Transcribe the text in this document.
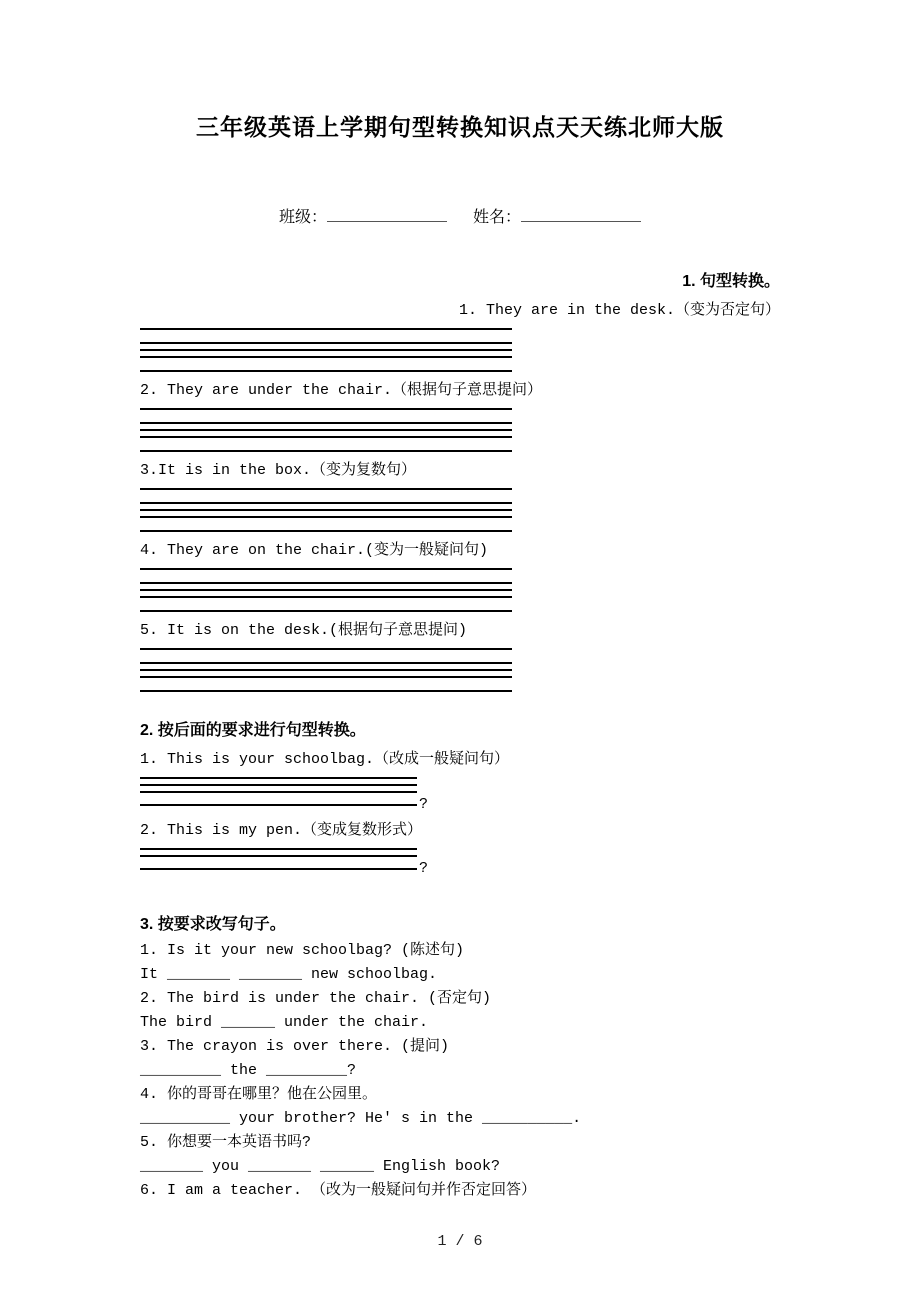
三年级英语上学期句型转换知识点天天练北师大版
班级：	姓名：
1. 句型转换。
1. They are in the desk.（变为否定句）
2. They are under the chair.（根据句子意思提问）
3.It is in the box.（变为复数句）
4. They are on the chair.(变为一般疑问句)
5. It is on the desk.(根据句子意思提问)
2. 按后面的要求进行句型转换。
1. This is your schoolbag.（改成一般疑问句）
?
2. This is my pen.（变成复数形式）
?
3. 按要求改写句子。

1. Is it your new schoolbag? (陈述句)

It _______ _______ new schoolbag.

2. The bird is under the chair. (否定句)

The bird ______ under the chair.

3. The crayon is over there. (提问)

_________ the _________?

4. 你的哥哥在哪里？他在公园里。

__________ your brother? He' s in the __________.

5. 你想要一本英语书吗?

_______ you _______ ______ English book?

6. I am a teacher. （改为一般疑问句并作否定回答）

1 / 6
